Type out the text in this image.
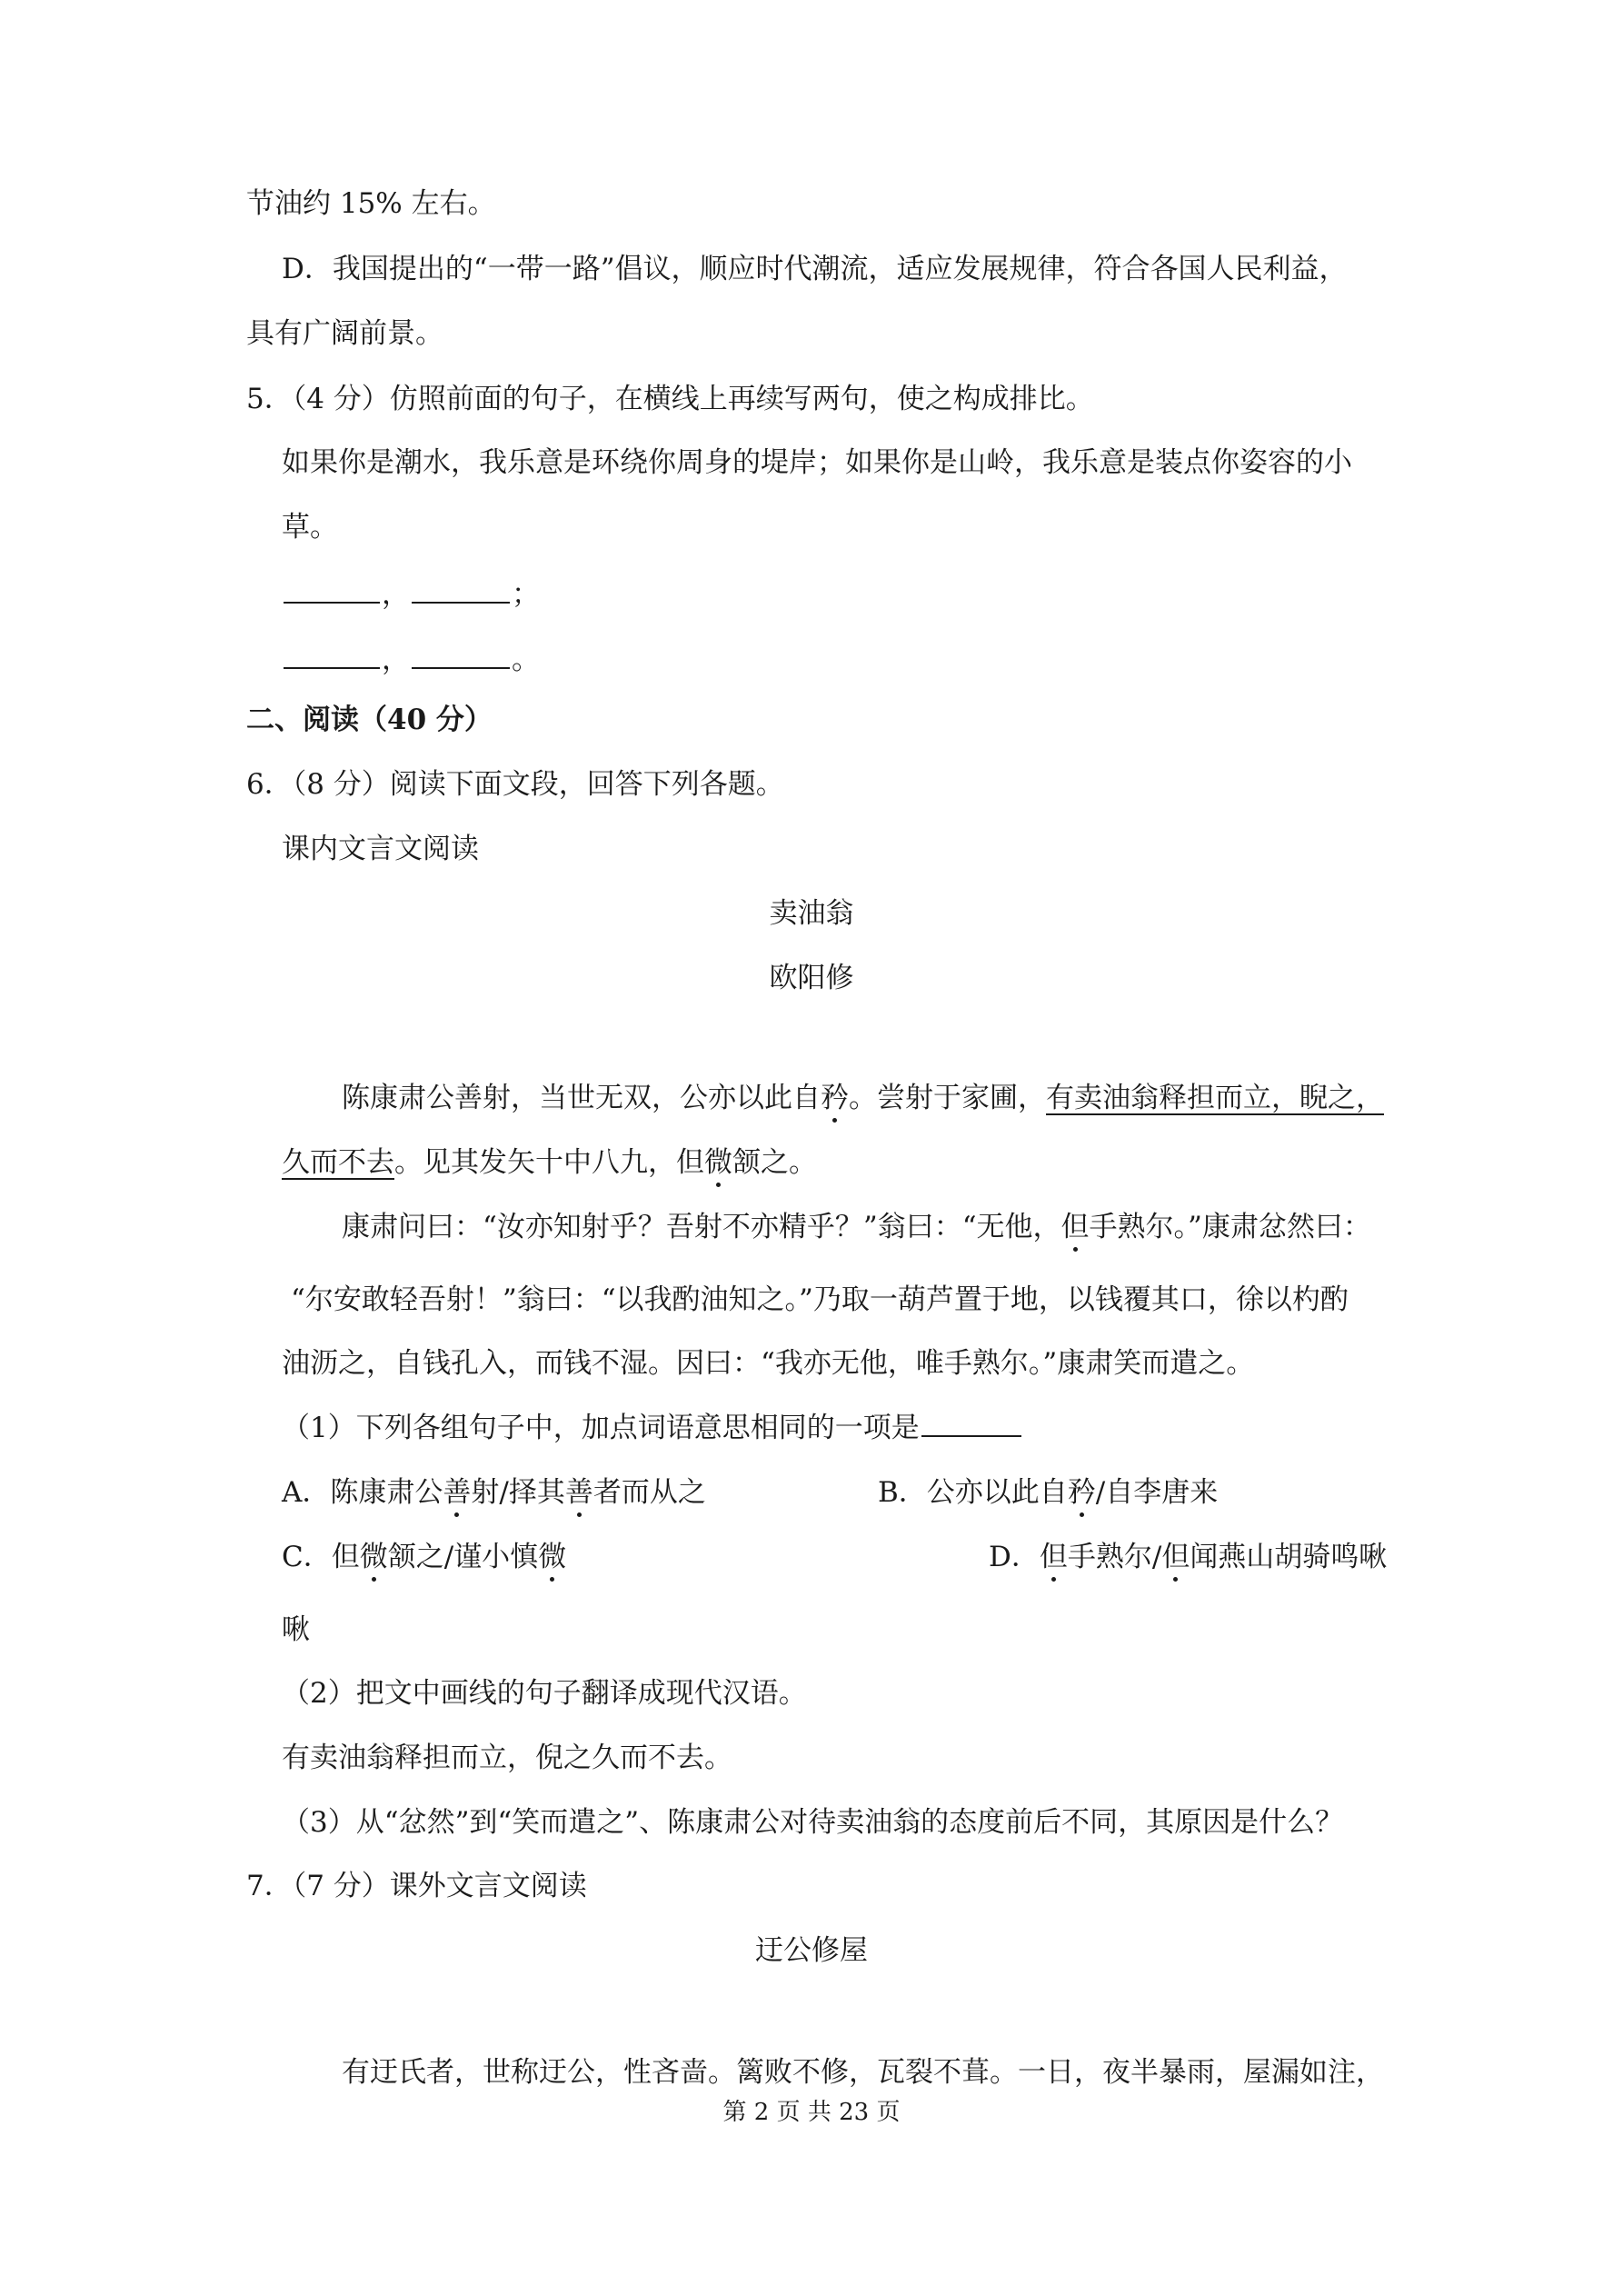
节油约 15% 左右。
D．我国提出的“一带一路”倡议，顺应时代潮流，适应发展规律，符合各国人民利益，
具有广阔前景。
5．（4 分）仿照前面的句子，在横线上再续写两句，使之构成排比。
如果你是潮水，我乐意是环绕你周身的堤岸；如果你是山岭，我乐意是装点你姿容的小
草。
，	；
，	。
二、阅读（40 分）
6．（8 分）阅读下面文段，回答下列各题。
课内文言文阅读
卖油翁
欧阳修
陈康肃公善射，当世无双，公亦以此自矜。尝射于家圃，有卖油翁释担而立，睨之，
久而不去。见其发矢十中八九，但微颔之。
康肃问曰：“汝亦知射乎？吾射不亦精乎？”翁曰：“无他，但手熟尔。”康肃忿然曰：
“尔安敢轻吾射！”翁曰：“以我酌油知之。”乃取一葫芦置于地，以钱覆其口，徐以杓酌
油沥之，自钱孔入，而钱不湿。因曰：“我亦无他，唯手熟尔。”康肃笑而遣之。
（1）下列各组句子中，加点词语意思相同的一项是
A．陈康肃公善射/择其善者而从之	B．公亦以此自矜/自李唐来
C．但微颔之/谨小慎微	D．但手熟尔/但闻燕山胡骑鸣啾
啾
（2）把文中画线的句子翻译成现代汉语。
有卖油翁释担而立，倪之久而不去。
（3）从“忿然”到“笑而遣之”、陈康肃公对待卖油翁的态度前后不同，其原因是什么？
7．（7 分）课外文言文阅读
迂公修屋
有迂氏者，世称迂公，性吝啬。篱败不修，瓦裂不葺。一日，夜半暴雨，屋漏如注，
第 2 页 共 23 页
